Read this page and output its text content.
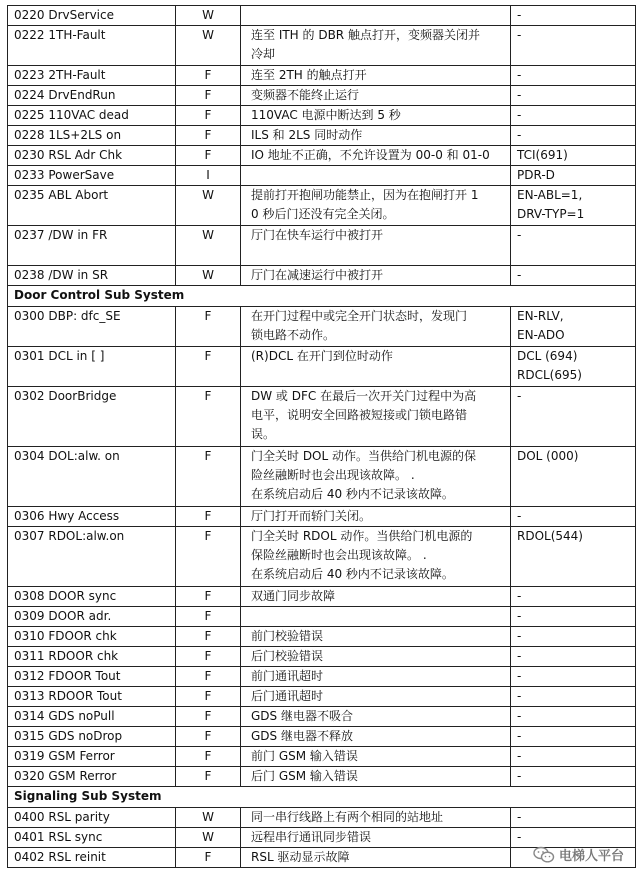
0220 DrvService	W		-
0222 1TH-Fault	W	连至 ITH 的 DBR 触点打开，变频器关闭并
冷却	-
0223 2TH-Fault	F	连至 2TH 的触点打开	-
0224 DrvEndRun	F	变频器不能终止运行	-
0225 110VAC dead	F	110VAC 电源中断达到 5 秒	-
0228 1LS+2LS on	F	ILS 和 2LS 同时动作	-
0230 RSL Adr Chk	F	IO 地址不正确，不允许设置为 00-0 和 01-0	TCI(691)
0233 PowerSave	I		PDR-D
0235 ABL Abort	W	提前打开抱闸功能禁止，因为在抱闸打开 1
0 秒后门还没有完全关闭。	EN-ABL=1,
DRV-TYP=1
0237 /DW in FR	W	厅门在快车运行中被打开	-
0238 /DW in SR	W	厅门在减速运行中被打开	-
Door Control Sub System			
0300 DBP: dfc_SE	F	在开门过程中或完全开门状态时，发现门
锁电路不动作。	EN-RLV,
EN-ADO
0301 DCL in [ ]	F	(R)DCL 在开门到位时动作	DCL (694)
RDCL(695)
0302 DoorBridge	F	DW 或 DFC 在最后一次开关门过程中为高
电平，说明安全回路被短接或门锁电路错
误。	-
0304 DOL:alw. on	F	门全关时 DOL 动作。当供给门机电源的保
险丝融断时也会出现该故障。 .
在系统启动后 40 秒内不记录该故障。	DOL (000)
0306 Hwy Access	F	厅门打开而轿门关闭。	-
0307 RDOL:alw.on	F	门全关时 RDOL 动作。当供给门机电源的
保险丝融断时也会出现该故障。 .
在系统启动后 40 秒内不记录该故障。	RDOL(544)
0308 DOOR sync	F	双通门同步故障	-
0309 DOOR adr.	F		-
0310 FDOOR chk	F	前门校验错误	-
0311 RDOOR chk	F	后门校验错误	-
0312 FDOOR Tout	F	前门通讯超时	-
0313 RDOOR Tout	F	后门通讯超时	-
0314 GDS noPull	F	GDS 继电器不吸合	-
0315 GDS noDrop	F	GDS 继电器不释放	-
0319 GSM Ferror	F	前门 GSM 输入错误	-
0320 GSM Rerror	F	后门 GSM 输入错误	-
Signaling Sub System			
0400 RSL parity	W	同一串行线路上有两个相同的站地址	-
0401 RSL sync	W	远程串行通讯同步错误	-
0402 RSL reinit	F	RSL 驱动显示故障		电梯人平台
